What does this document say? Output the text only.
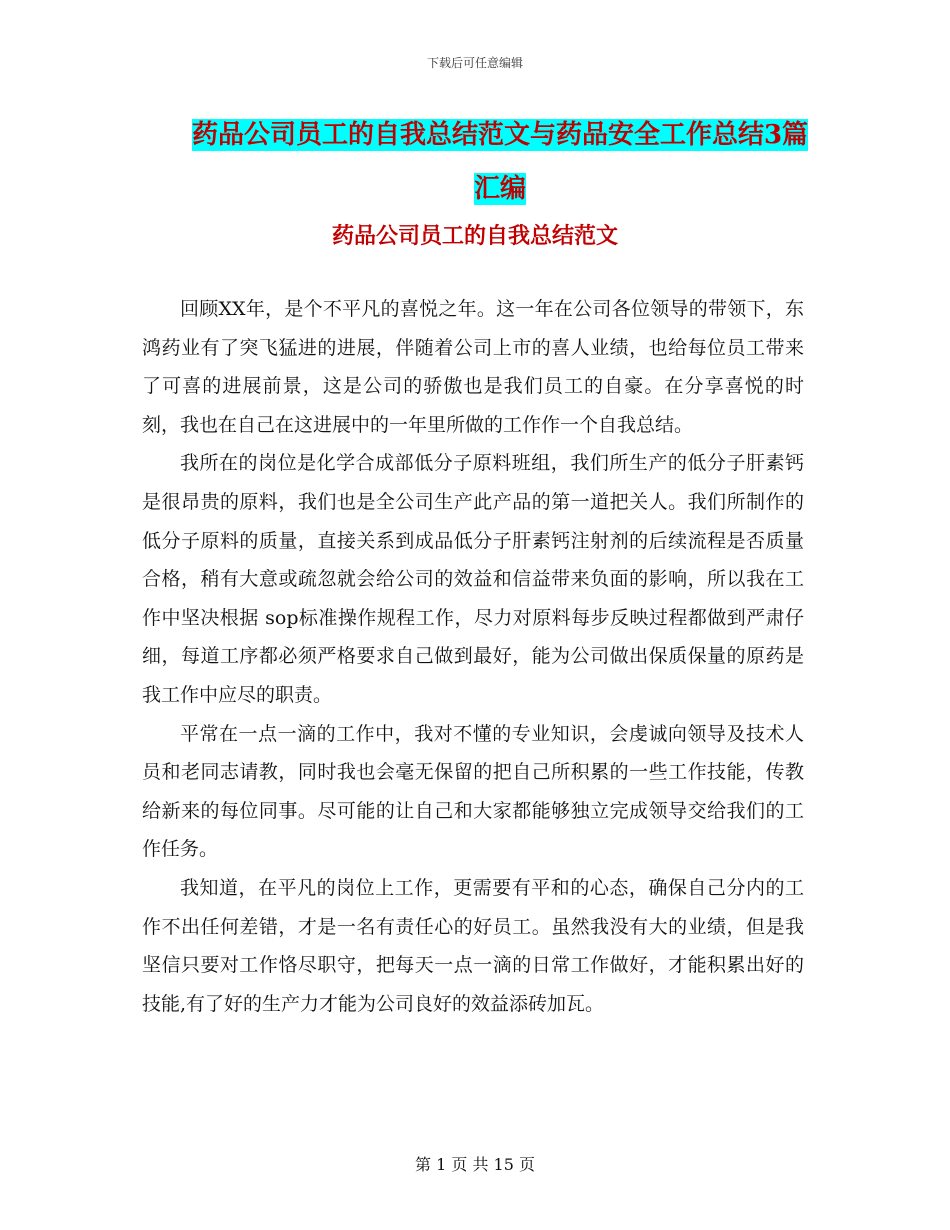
下载后可任意编辑
药品公司员工的自我总结范文与药品安全工作总结3篇汇编
药品公司员工的自我总结范文

回顾XX年，是个不平凡的喜悦之年。这一年在公司各位领导的带领下，东鸿药业有了突飞猛进的进展，伴随着公司上市的喜人业绩，也给每位员工带来了可喜的进展前景，这是公司的骄傲也是我们员工的自豪。在分享喜悦的时刻，我也在自己在这进展中的一年里所做的工作作一个自我总结。

我所在的岗位是化学合成部低分子原料班组，我们所生产的低分子肝素钙是很昂贵的原料，我们也是全公司生产此产品的第一道把关人。我们所制作的低分子原料的质量，直接关系到成品低分子肝素钙注射剂的后续流程是否质量合格，稍有大意或疏忽就会给公司的效益和信益带来负面的影响，所以我在工作中坚决根据 sop标准操作规程工作，尽力对原料每步反映过程都做到严肃仔细，每道工序都必须严格要求自己做到最好，能为公司做出保质保量的原药是我工作中应尽的职责。

平常在一点一滴的工作中，我对不懂的专业知识，会虔诚向领导及技术人员和老同志请教，同时我也会毫无保留的把自己所积累的一些工作技能，传教给新来的每位同事。尽可能的让自己和大家都能够独立完成领导交给我们的工作任务。

我知道，在平凡的岗位上工作，更需要有平和的心态，确保自己分内的工作不出任何差错，才是一名有责任心的好员工。虽然我没有大的业绩，但是我坚信只要对工作恪尽职守，把每天一点一滴的日常工作做好，才能积累出好的技能,有了好的生产力才能为公司良好的效益添砖加瓦。

第 1 页 共 15 页
